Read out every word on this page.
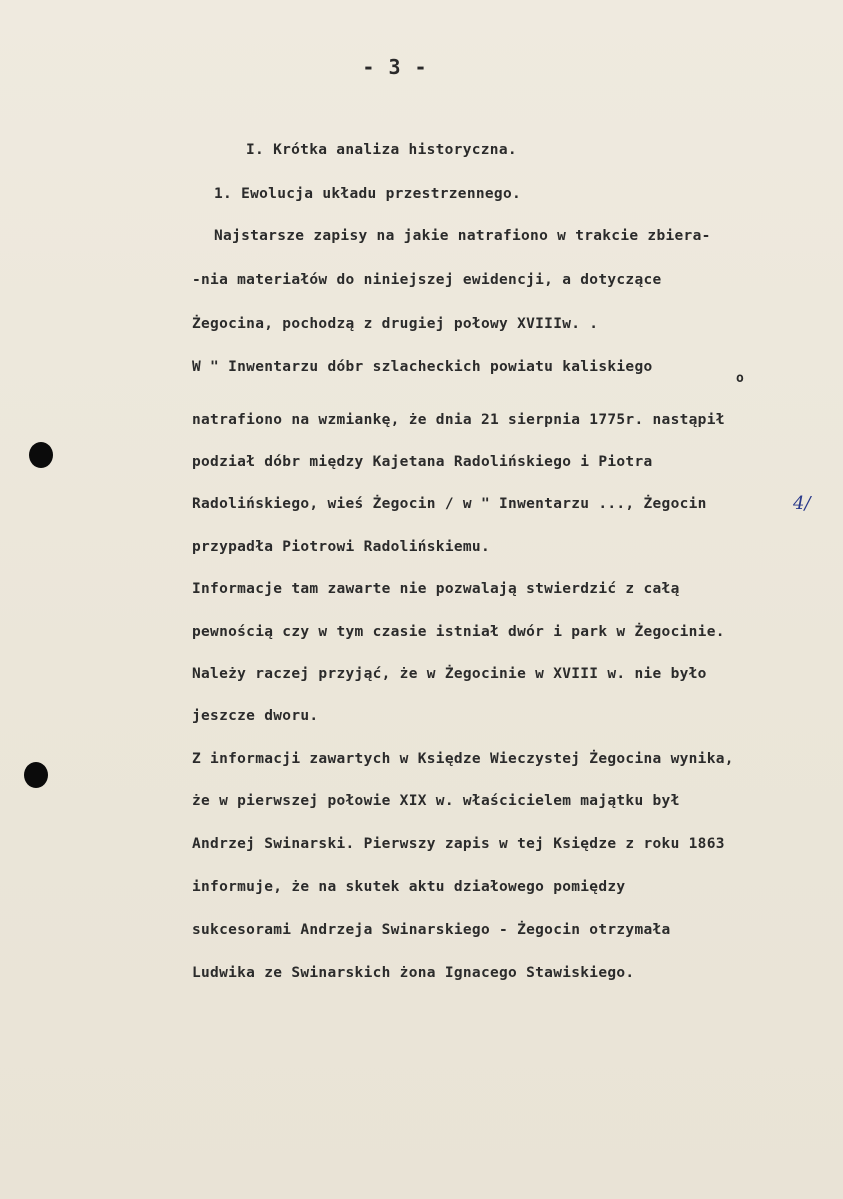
- 3 -
I. Krótka analiza historyczna.
1. Ewolucja układu przestrzennego.
Najstarsze zapisy na jakie natrafiono w trakcie zbiera-
-nia materiałów do niniejszej ewidencji, a dotyczące
Żegocina, pochodzą z drugiej połowy XVIIIw. .
W " Inwentarzu dóbr szlacheckich powiatu kaliskiego
o
natrafiono na wzmiankę, że dnia 21 sierpnia 1775r. nastąpił
podział dóbr między Kajetana Radolińskiego i Piotra
Radolińskiego, wieś Żegocin / w " Inwentarzu ..., Żegocin	4/
przypadła Piotrowi Radolińskiemu.
Informacje tam zawarte nie pozwalają stwierdzić z całą
pewnością czy w tym czasie istniał dwór i park w Żegocinie.
Należy raczej przyjąć, że w Żegocinie w XVIII w. nie było
jeszcze dworu.
Z informacji zawartych w Księdze Wieczystej Żegocina wynika,
że w pierwszej połowie XIX w. właścicielem majątku był
Andrzej Swinarski. Pierwszy zapis w tej Księdze z roku 1863
informuje, że na skutek aktu działowego pomiędzy
sukcesorami Andrzeja Swinarskiego - Żegocin otrzymała
Ludwika ze Swinarskich żona Ignacego Stawiskiego.
